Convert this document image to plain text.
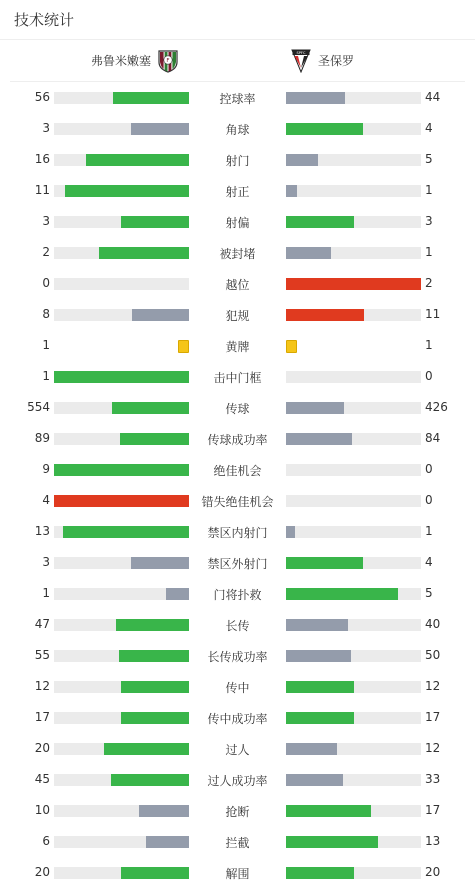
技术统计
弗鲁米嫩塞	F
SPFC
圣保罗
56	控球率	44
3	角球	4
16	射门	5
11	射正	1
3	射偏	3
2	被封堵	1
0	越位	2
8	犯规	11
1	黄牌	1
1	击中门框	0
554	传球	426
89	传球成功率	84
9	绝佳机会	0
4	错失绝佳机会	0
13	禁区内射门	1
3	禁区外射门	4
1	门将扑救	5
47	长传	40
55	长传成功率	50
12	传中	12
17	传中成功率	17
20	过人	12
45	过人成功率	33
10	抢断	17
6	拦截	13
20	解围	20
